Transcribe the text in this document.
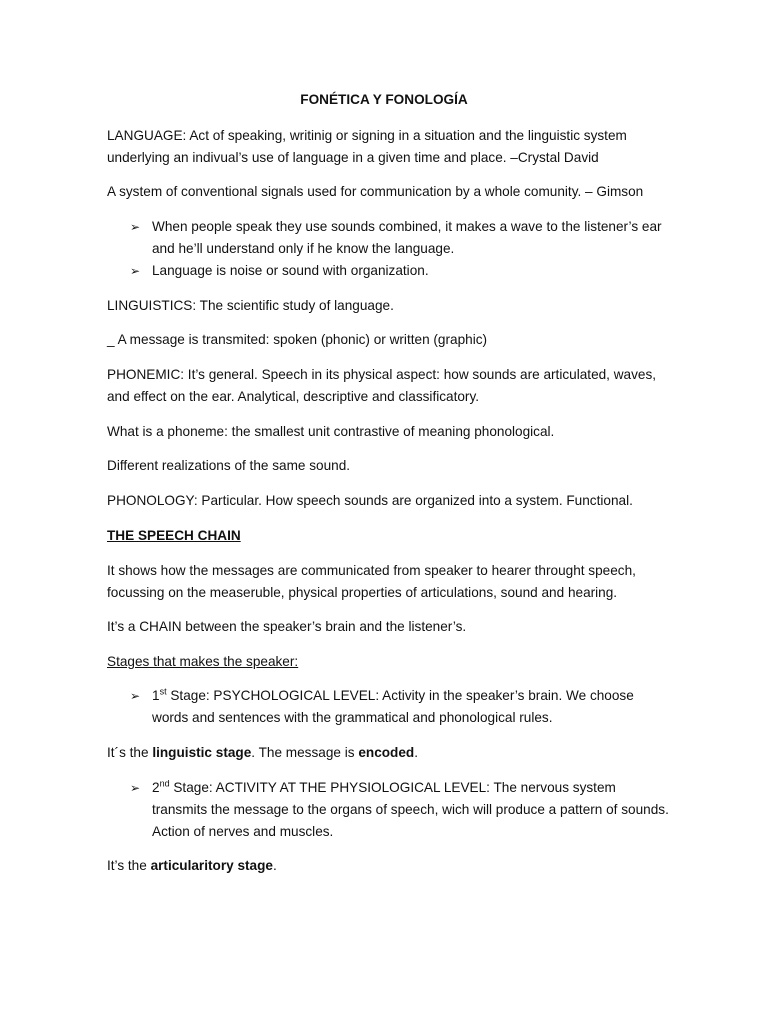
FONÉTICA Y FONOLOGÍA

LANGUAGE: Act of speaking, writinig or signing in a situation and the linguistic system underlying an indivual’s use of language in a given time and place. –Crystal David

A system of conventional signals used for communication by a whole comunity. – Gimson

➢ When people speak they use sounds combined, it makes a wave to the listener’s ear and he’ll understand only if he know the language.
➢ Language is noise or sound with organization.

LINGUISTICS: The scientific study of language.

_ A message is transmited: spoken (phonic) or written (graphic)

PHONEMIC: It’s general. Speech in its physical aspect: how sounds are articulated, waves, and effect on the ear. Analytical, descriptive and classificatory.

What is a phoneme: the smallest unit contrastive of meaning phonological.

Different realizations of the same sound.

PHONOLOGY: Particular. How speech sounds are organized into a system. Functional.

THE SPEECH CHAIN

It shows how the messages are communicated from speaker to hearer throught speech, focussing on the measeruble, physical properties of articulations, sound and hearing.

It’s a CHAIN between the speaker’s brain and the listener’s.

Stages that makes the speaker:

➢ 1st Stage: PSYCHOLOGICAL LEVEL: Activity in the speaker’s brain. We choose words and sentences with the grammatical and phonological rules.

It´s the linguistic stage. The message is encoded.

➢ 2nd Stage: ACTIVITY AT THE PHYSIOLOGICAL LEVEL: The nervous system transmits the message to the organs of speech, wich will produce a pattern of sounds. Action of nerves and muscles.

It’s the articularitory stage.
